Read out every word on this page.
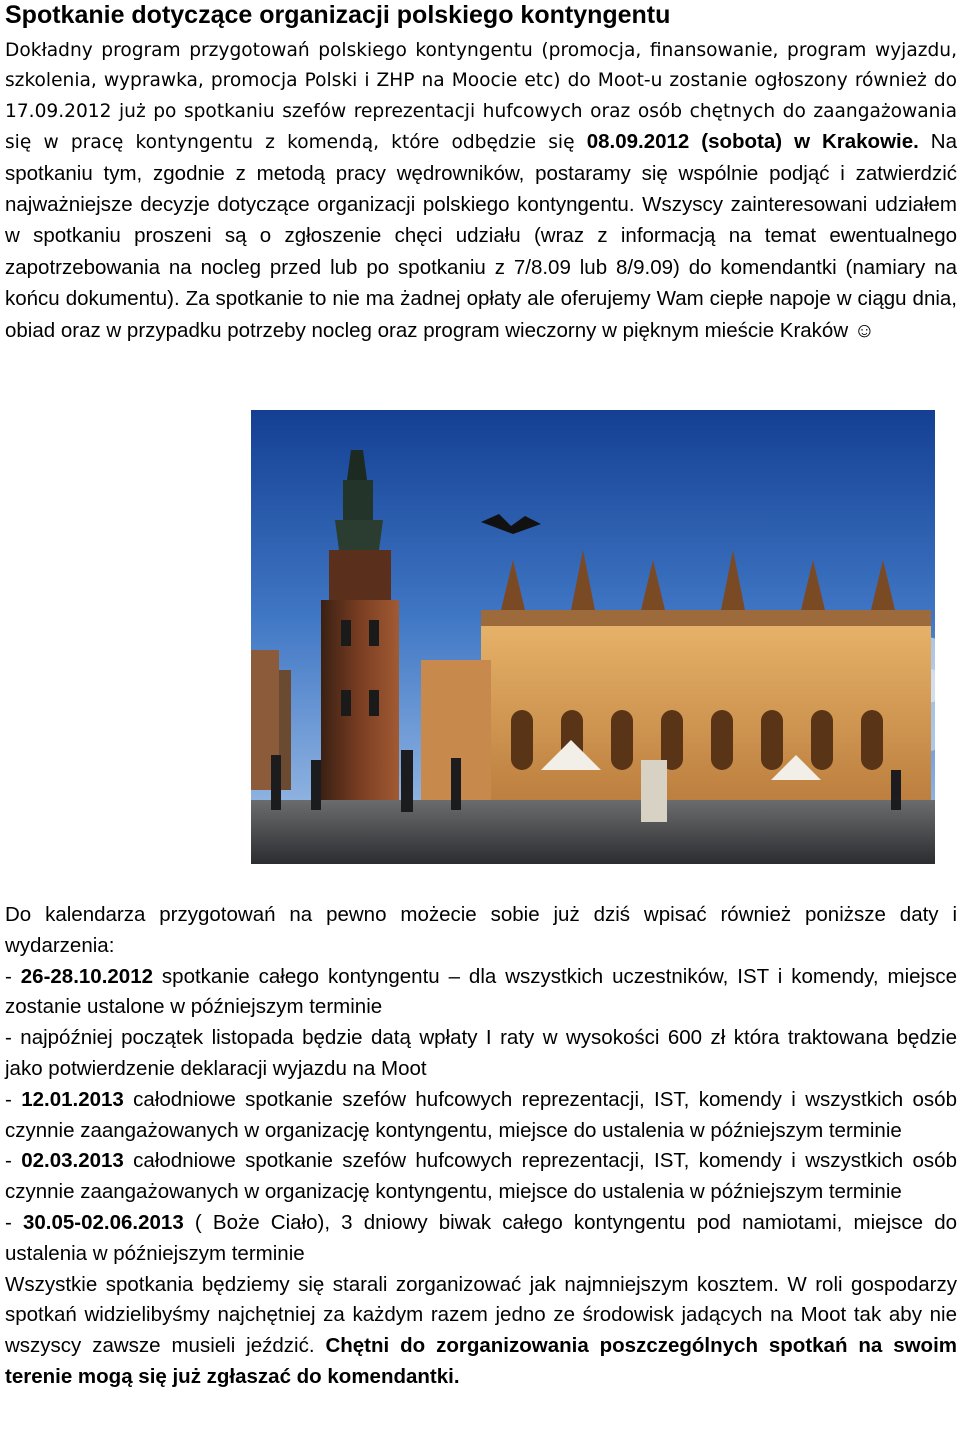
Spotkanie dotyczące organizacji polskiego kontyngentu

Dokładny program przygotowań polskiego kontyngentu (promocja, finansowanie, program wyjazdu, szkolenia, wyprawka, promocja Polski i ZHP na Moocie etc) do Moot-u zostanie ogłoszony również do 17.09.2012 już po spotkaniu szefów reprezentacji hufcowych oraz osób chętnych do zaangażowania się w pracę kontyngentu z komendą, które odbędzie się 08.09.2012 (sobota) w Krakowie. Na spotkaniu tym, zgodnie z metodą pracy wędrowników, postaramy się wspólnie podjąć i zatwierdzić najważniejsze decyzje dotyczące organizacji polskiego kontyngentu. Wszyscy zainteresowani udziałem w spotkaniu proszeni są o zgłoszenie chęci udziału (wraz z informacją na temat ewentualnego zapotrzebowania na nocleg przed lub po spotkaniu z 7/8.09 lub 8/9.09) do komendantki (namiary na końcu dokumentu). Za spotkanie to nie ma żadnej opłaty ale oferujemy Wam ciepłe napoje w ciągu dnia, obiad oraz w przypadku potrzeby nocleg oraz program wieczorny w pięknym mieście Kraków ☺

Do kalendarza przygotowań na pewno możecie sobie już dziś wpisać również poniższe daty i wydarzenia:

- 26-28.10.2012 spotkanie całego kontyngentu – dla wszystkich uczestników, IST i komendy, miejsce zostanie ustalone w późniejszym terminie

- najpóźniej początek listopada będzie datą wpłaty I raty w wysokości 600 zł która traktowana będzie jako potwierdzenie deklaracji wyjazdu na Moot

- 12.01.2013 całodniowe spotkanie szefów hufcowych reprezentacji, IST, komendy i wszystkich osób czynnie zaangażowanych w organizację kontyngentu, miejsce do ustalenia w późniejszym terminie

- 02.03.2013 całodniowe spotkanie szefów hufcowych reprezentacji, IST, komendy i wszystkich osób czynnie zaangażowanych w organizację kontyngentu, miejsce do ustalenia w późniejszym terminie

- 30.05-02.06.2013 ( Boże Ciało), 3 dniowy biwak całego kontyngentu pod namiotami, miejsce do ustalenia w późniejszym terminie

Wszystkie spotkania będziemy się starali zorganizować jak najmniejszym kosztem. W roli gospodarzy spotkań widzielibyśmy najchętniej za każdym razem jedno ze środowisk jadących na Moot tak aby nie wszyscy zawsze musieli jeździć. Chętni do zorganizowania poszczególnych spotkań na swoim terenie mogą się już zgłaszać do komendantki.
